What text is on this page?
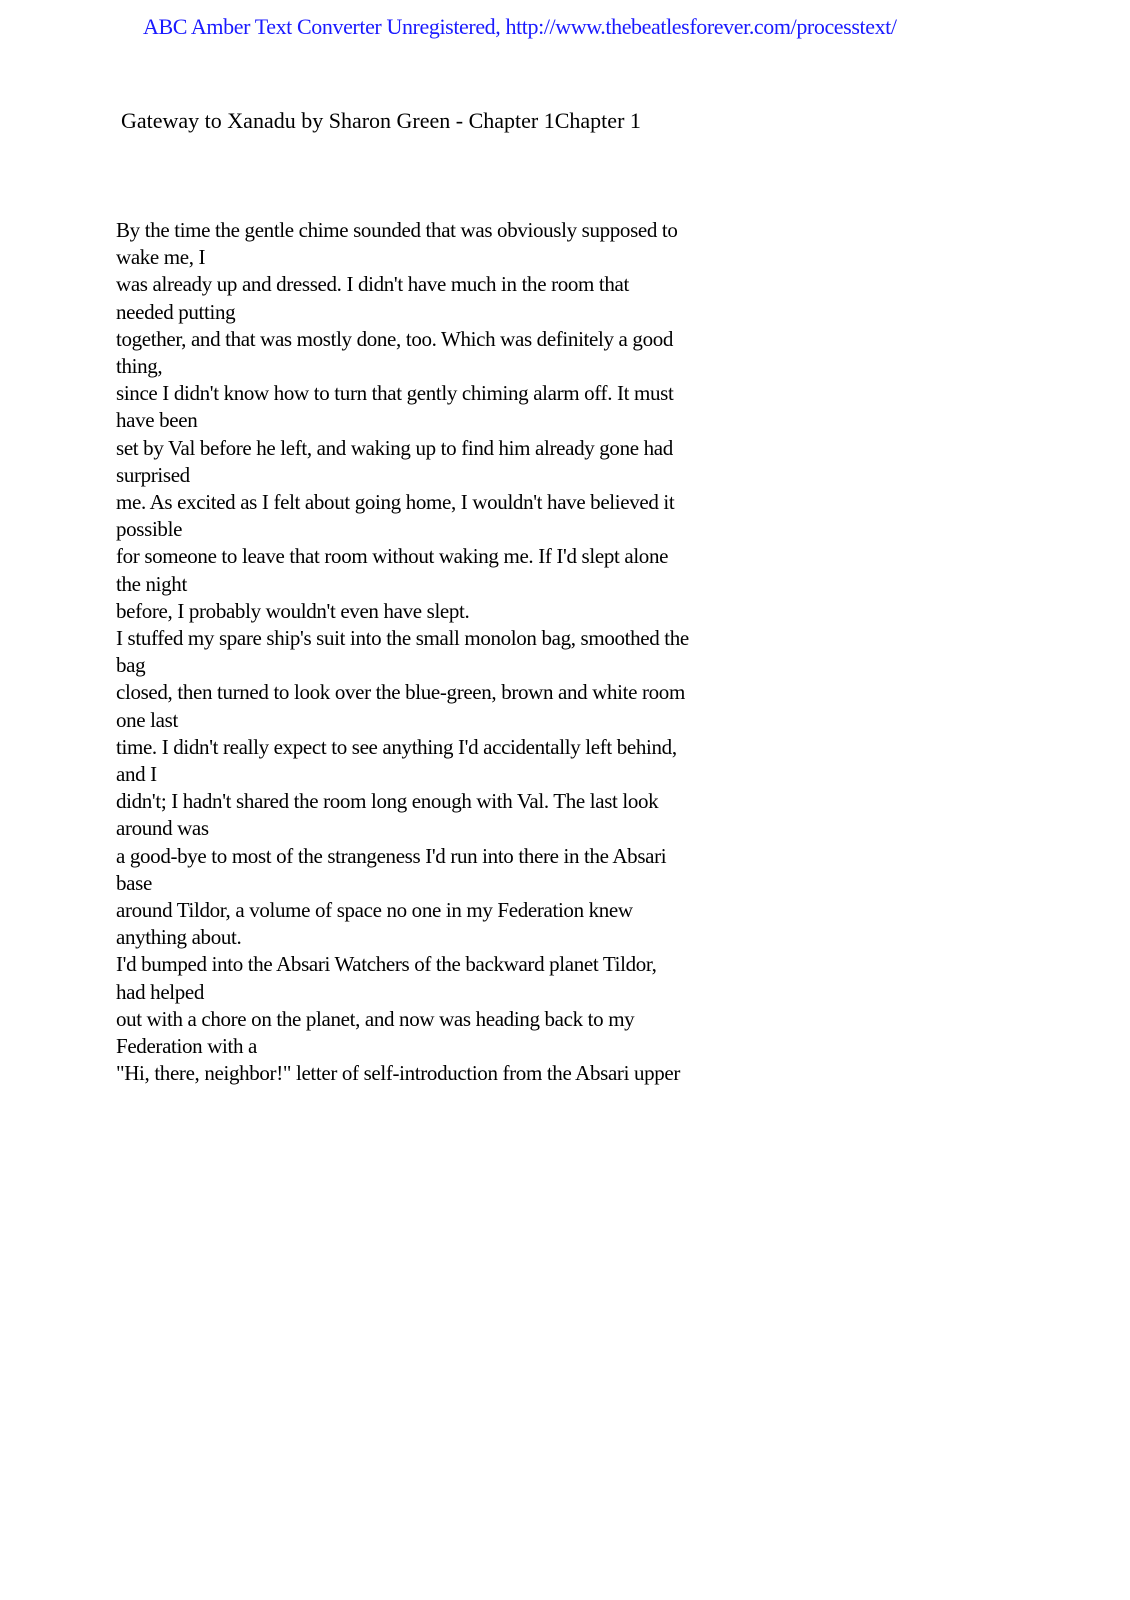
ABC Amber Text Converter Unregistered, http://www.thebeatlesforever.com/processtext/
Gateway to Xanadu by Sharon Green - Chapter 1Chapter 1
By the time the gentle chime sounded that was obviously supposed to
wake me, I
was already up and dressed. I didn't have much in the room that
needed putting
together, and that was mostly done, too. Which was definitely a good
thing,
since I didn't know how to turn that gently chiming alarm off. It must
have been
set by Val before he left, and waking up to find him already gone had
surprised
me. As excited as I felt about going home, I wouldn't have believed it
possible
for someone to leave that room without waking me. If I'd slept alone
the night
before, I probably wouldn't even have slept.
I stuffed my spare ship's suit into the small monolon bag, smoothed the
bag
closed, then turned to look over the blue-green, brown and white room
one last
time. I didn't really expect to see anything I'd accidentally left behind,
and I
didn't; I hadn't shared the room long enough with Val. The last look
around was
a good-bye to most of the strangeness I'd run into there in the Absari
base
around Tildor, a volume of space no one in my Federation knew
anything about.
I'd bumped into the Absari Watchers of the backward planet Tildor,
had helped
out with a chore on the planet, and now was heading back to my
Federation with a
"Hi, there, neighbor!" letter of self-introduction from the Absari upper
